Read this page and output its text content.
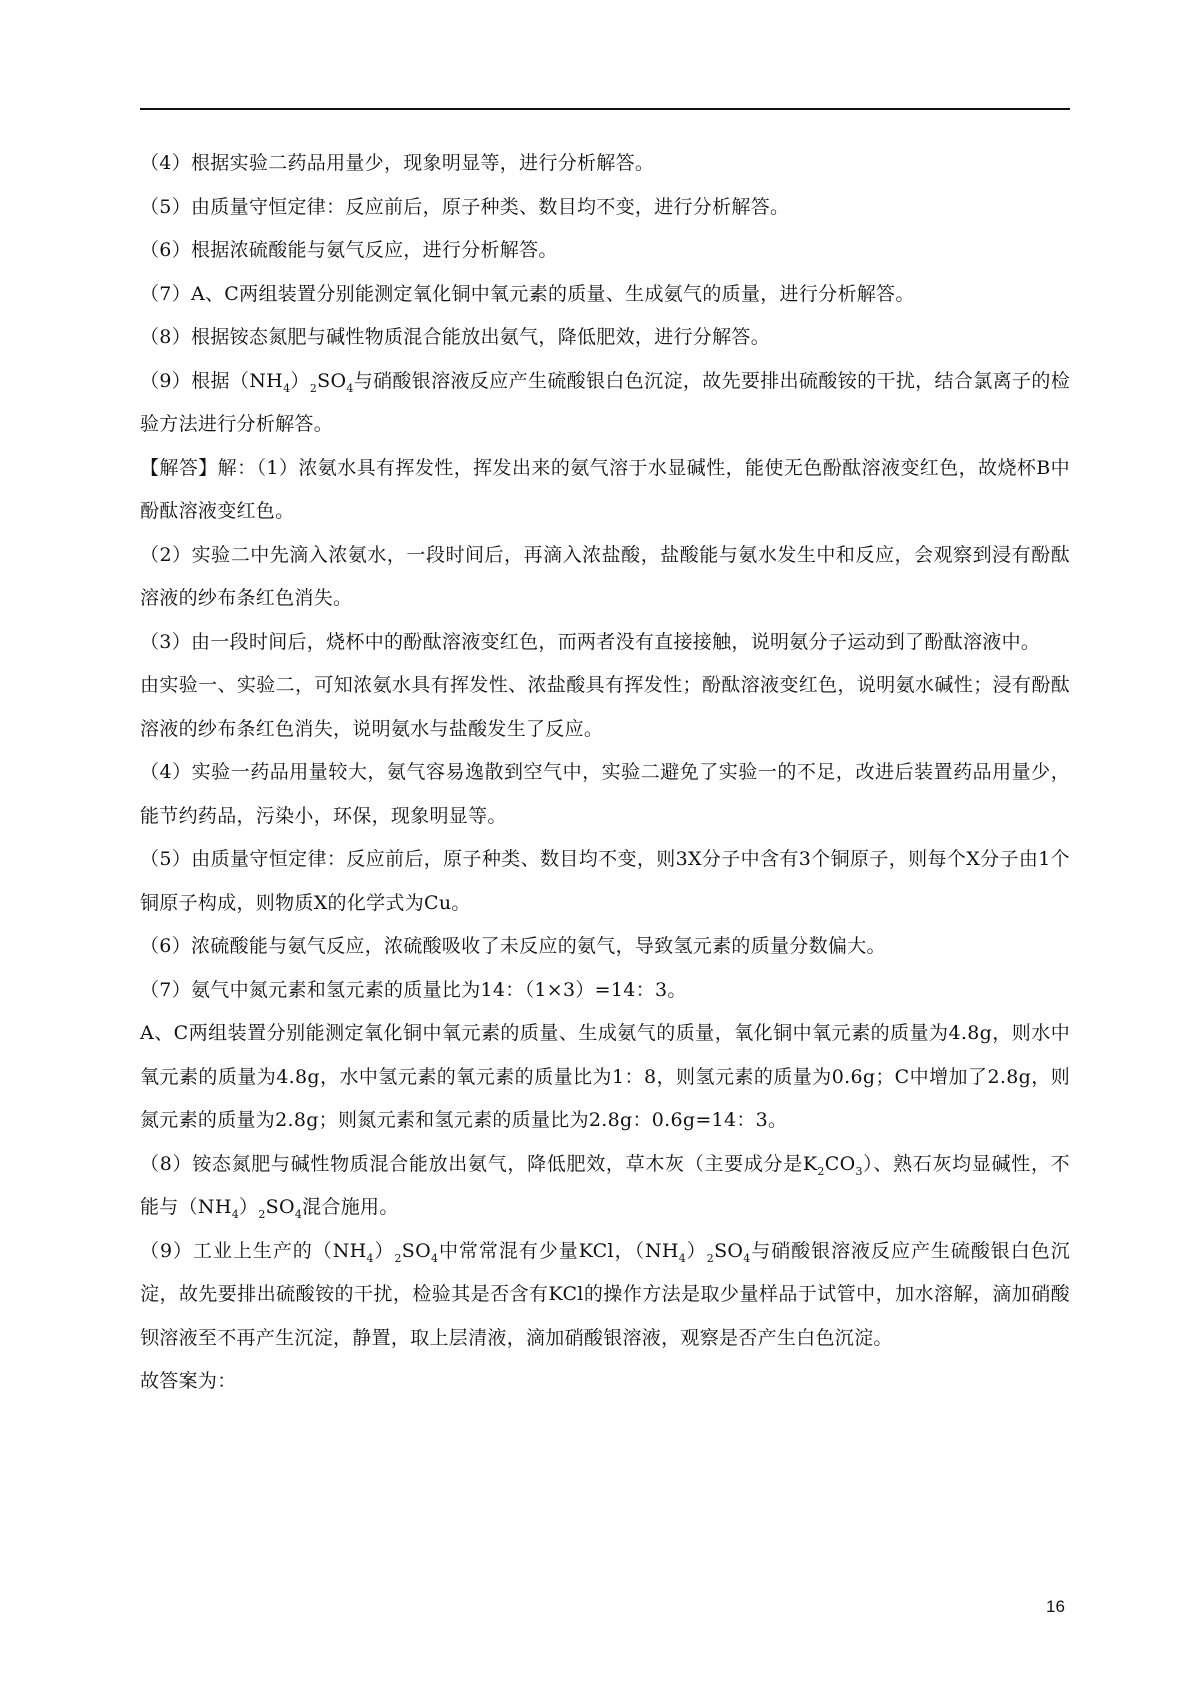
（4）根据实验二药品用量少，现象明显等，进行分析解答。

（5）由质量守恒定律：反应前后，原子种类、数目均不变，进行分析解答。

（6）根据浓硫酸能与氨气反应，进行分析解答。

（7）A、C两组装置分别能测定氧化铜中氧元素的质量、生成氨气的质量，进行分析解答。

（8）根据铵态氮肥与碱性物质混合能放出氨气，降低肥效，进行分解答。

（9）根据$(NH_4)_2SO_4$与硝酸银溶液反应产生硫酸银白色沉淀，故先要排出硫酸铵的干扰，结合氯离子的检验方法进行分析解答。

【解答】解：（1）浓氨水具有挥发性，挥发出来的氨气溶于水显碱性，能使无色酚酞溶液变红色，故烧杯B中酚酞溶液变红色。

（2）实验二中先滴入浓氨水，一段时间后，再滴入浓盐酸，盐酸能与氨水发生中和反应，会观察到浸有酚酞溶液的纱布条红色消失。

（3）由一段时间后，烧杯中的酚酞溶液变红色，而两者没有直接接触，说明氨分子运动到了酚酞溶液中。

由实验一、实验二，可知浓氨水具有挥发性、浓盐酸具有挥发性；酚酞溶液变红色，说明氨水碱性；浸有酚酞溶液的纱布条红色消失，说明氨水与盐酸发生了反应。

（4）实验一药品用量较大，氨气容易逸散到空气中，实验二避免了实验一的不足，改进后装置药品用量少，能节约药品，污染小，环保，现象明显等。

（5）由质量守恒定律：反应前后，原子种类、数目均不变，则3X分子中含有3个铜原子，则每个X分子由1个铜原子构成，则物质X的化学式为Cu。

（6）浓硫酸能与氨气反应，浓硫酸吸收了未反应的氨气，导致氢元素的质量分数偏大。

（7）氨气中氮元素和氢元素的质量比为14：（1×3）=14：3。

A、C两组装置分别能测定氧化铜中氧元素的质量、生成氨气的质量，氧化铜中氧元素的质量为4.8g，则水中氧元素的质量为4.8g，水中氢元素的氧元素的质量比为1：8，则氢元素的质量为0.6g；C中增加了2.8g，则氮元素的质量为2.8g；则氮元素和氢元素的质量比为2.8g：0.6g=14：3。

（8）铵态氮肥与碱性物质混合能放出氨气，降低肥效，草木灰（主要成分是$K_2CO_3$）、熟石灰均显碱性，不能与$(NH_4)_2SO_4$混合施用。

（9）工业上生产的$(NH_4)_2SO_4$中常常混有少量KCl，$(NH_4)_2SO_4$与硝酸银溶液反应产生硫酸银白色沉淀，故先要排出硫酸铵的干扰，检验其是否含有KCl的操作方法是取少量样品于试管中，加水溶解，滴加硝酸钡溶液至不再产生沉淀，静置，取上层清液，滴加硝酸银溶液，观察是否产生白色沉淀。

故答案为：

16
